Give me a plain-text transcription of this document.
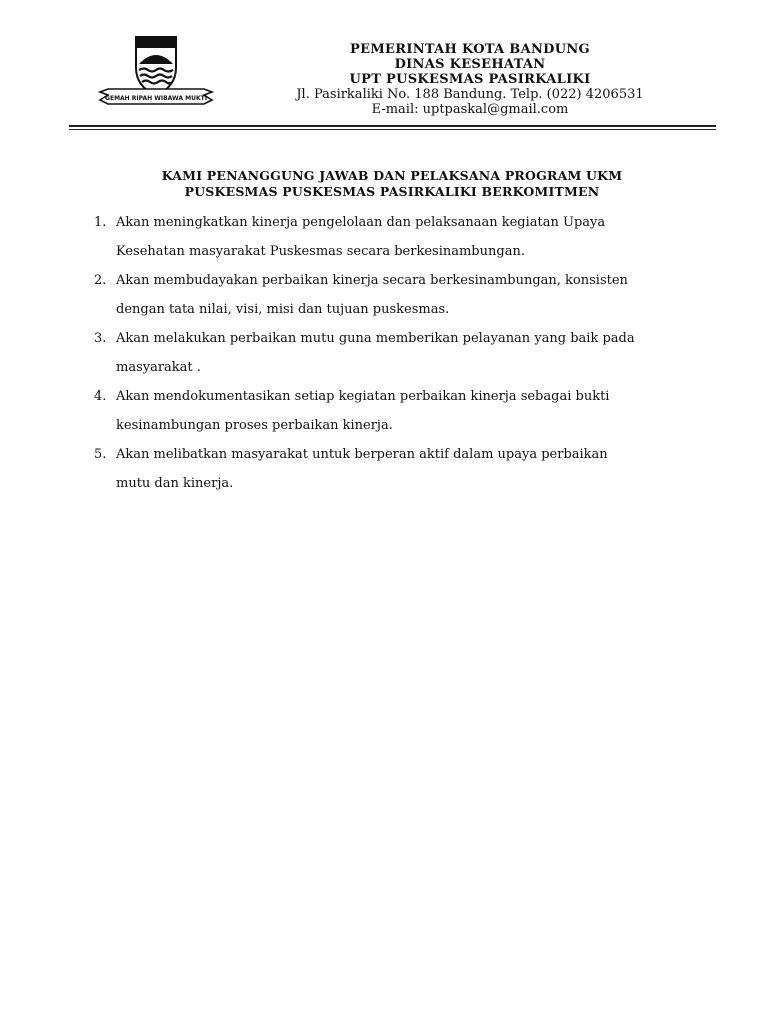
GEMAH RIPAH WIBAWA MUKTI
PEMERINTAH KOTA BANDUNG
DINAS KESEHATAN
UPT PUSKESMAS PASIRKALIKI
Jl. Pasirkaliki No. 188 Bandung. Telp. (022) 4206531
E-mail: uptpaskal@gmail.com
KAMI PENANGGUNG JAWAB DAN PELAKSANA PROGRAM UKM
PUSKESMAS PUSKESMAS PASIRKALIKI BERKOMITMEN
1. Akan meningkatkan kinerja pengelolaan dan pelaksanaan kegiatan Upaya
Kesehatan masyarakat Puskesmas secara berkesinambungan.
2. Akan membudayakan perbaikan kinerja secara berkesinambungan, konsisten
dengan tata nilai, visi, misi dan tujuan puskesmas.
3. Akan melakukan perbaikan mutu guna memberikan pelayanan yang baik pada
masyarakat .
4. Akan mendokumentasikan setiap kegiatan perbaikan kinerja sebagai bukti
kesinambungan proses perbaikan kinerja.
5. Akan melibatkan masyarakat untuk berperan aktif dalam upaya perbaikan
mutu dan kinerja.
